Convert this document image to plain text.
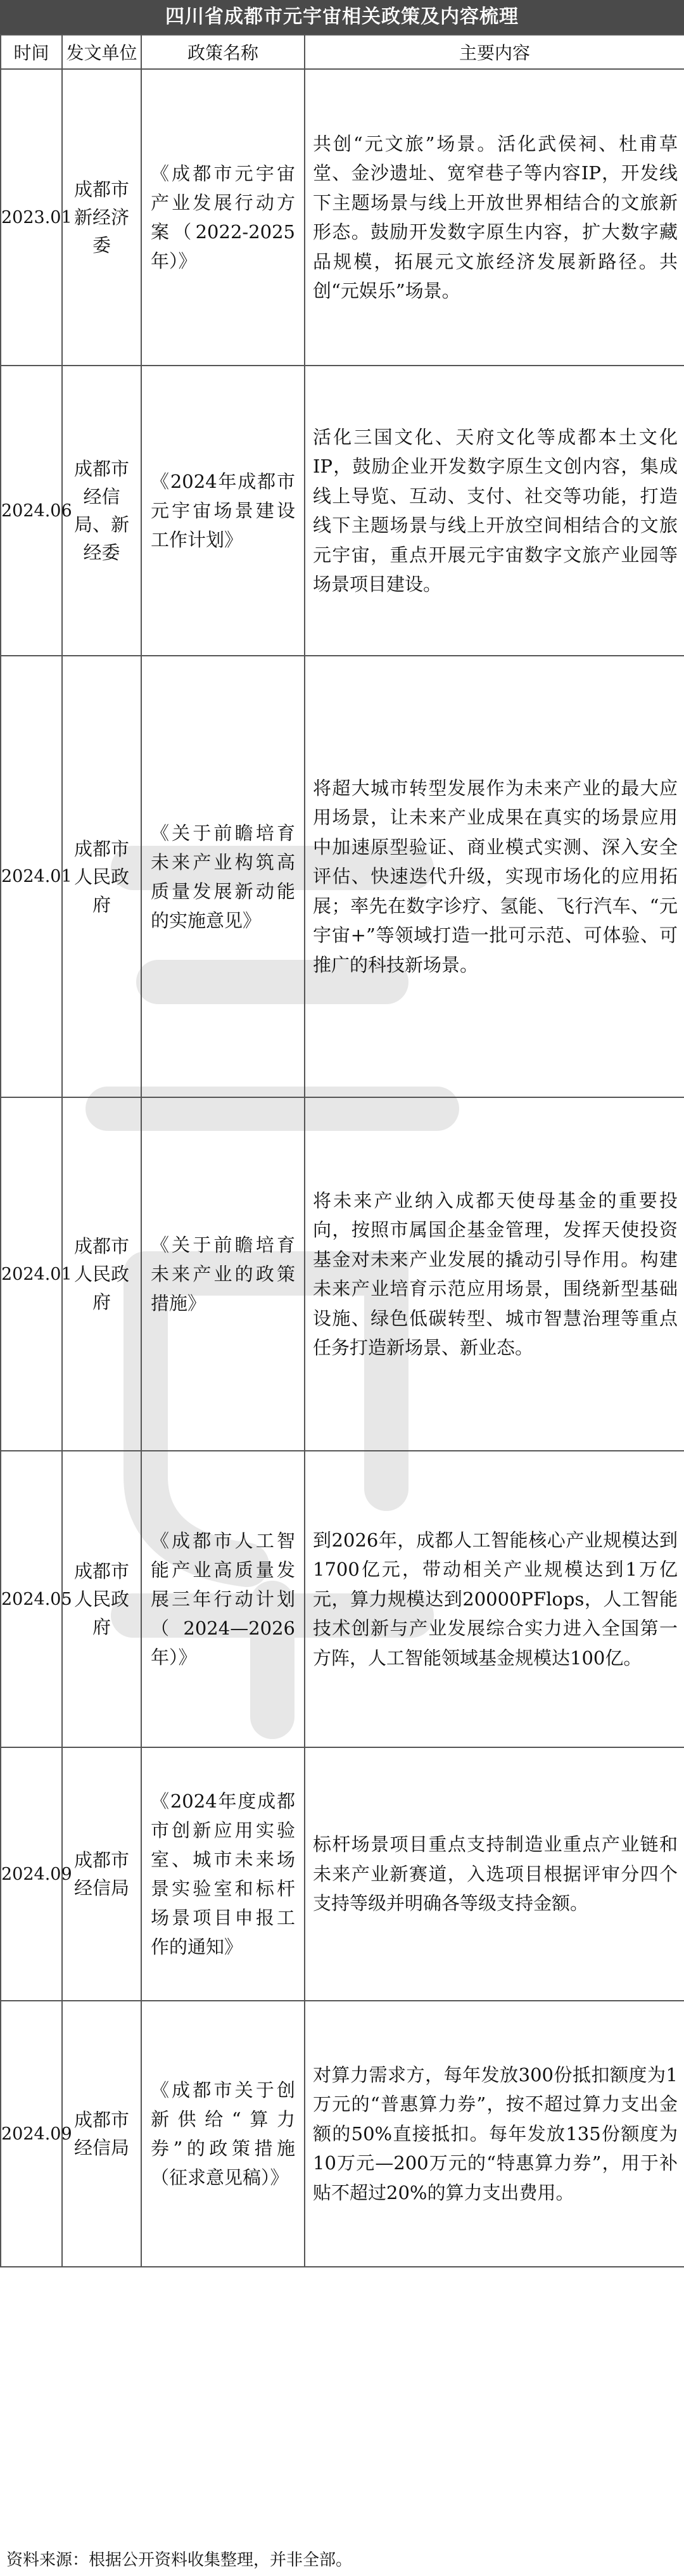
四川省成都市元宇宙相关政策及内容梳理
时间	发文单位	政策名称	主要内容
2023.01	成都市新经济委	《成都市元宇宙产业发展行动方案（2022-2025年）》	共创“元文旅”场景。活化武侯祠、杜甫草堂、金沙遗址、宽窄巷子等内容IP，开发线下主题场景与线上开放世界相结合的文旅新形态。鼓励开发数字原生内容，扩大数字藏品规模，拓展元文旅经济发展新路径。共创“元娱乐”场景。
2024.06	成都市经信局、新经委	《2024年成都市元宇宙场景建设工作计划》	活化三国文化、天府文化等成都本土文化IP，鼓励企业开发数字原生文创内容，集成线上导览、互动、支付、社交等功能，打造线下主题场景与线上开放空间相结合的文旅元宇宙，重点开展元宇宙数字文旅产业园等场景项目建设。
2024.01	成都市人民政府	《关于前瞻培育未来产业构筑高质量发展新动能的实施意见》	将超大城市转型发展作为未来产业的最大应用场景，让未来产业成果在真实的场景应用中加速原型验证、商业模式实测、深入安全评估、快速迭代升级，实现市场化的应用拓展；率先在数字诊疗、氢能、飞行汽车、“元宇宙+”等领域打造一批可示范、可体验、可推广的科技新场景。
2024.01	成都市人民政府	《关于前瞻培育未来产业的政策措施》	将未来产业纳入成都天使母基金的重要投向，按照市属国企基金管理，发挥天使投资基金对未来产业发展的撬动引导作用。构建未来产业培育示范应用场景，围绕新型基础设施、绿色低碳转型、城市智慧治理等重点任务打造新场景、新业态。
2024.05	成都市人民政府	《成都市人工智能产业高质量发展三年行动计划（2024—2026年）》	到2026年，成都人工智能核心产业规模达到1700亿元，带动相关产业规模达到1万亿元，算力规模达到20000PFlops，人工智能技术创新与产业发展综合实力进入全国第一方阵，人工智能领域基金规模达100亿。
2024.09	成都市经信局	《2024年度成都市创新应用实验室、城市未来场景实验室和标杆场景项目申报工作的通知》	标杆场景项目重点支持制造业重点产业链和未来产业新赛道，入选项目根据评审分四个支持等级并明确各等级支持金额。
2024.09	成都市经信局	《成都市关于创新供给“算力券”的政策措施（征求意见稿）》	对算力需求方，每年发放300份抵扣额度为1万元的“普惠算力券”，按不超过算力支出金额的50%直接抵扣。每年发放135份额度为10万元—200万元的“特惠算力券”，用于补贴不超过20%的算力支出费用。
资料来源：根据公开资料收集整理，并非全部。
